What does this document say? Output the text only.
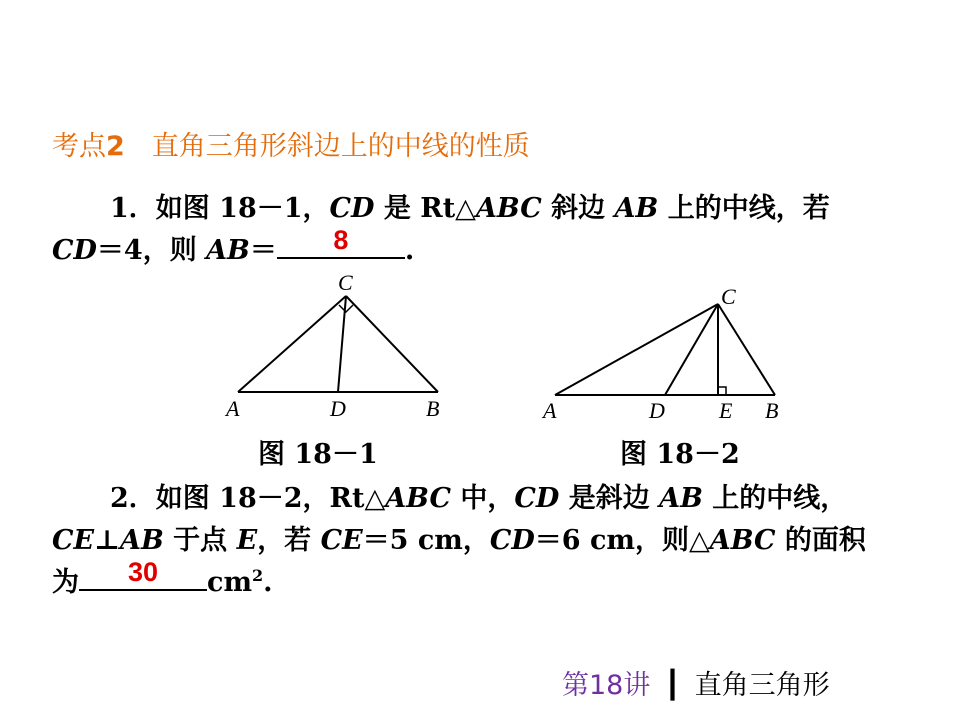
考点2　 直角三角形斜边上的中线的性质
1．如图 18－1，CD 是 Rt△ABC 斜边 AB 上的中线，若
CD＝4，则 AB＝	8	.
C
A	D	B
图 18－1
C
A	D E B
图 18－2
2．如图 18－2，Rt△ABC 中，CD 是斜边 AB 上的中线，
CE⊥AB 于点 E，若 CE＝5 cm，CD＝6 cm，则△ABC 的面积
为	30	$cm^2$.
第18讲 ┃ 直角三角形
